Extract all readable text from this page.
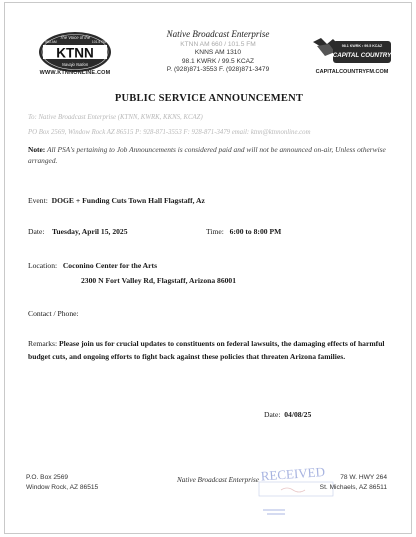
The Voice of the
KTNN
660 AM	101.5 FM
Navajo Nation
WWW.KTNNONLINE.COM
Native Broadcast Enterprise
KTNN AM 660 / 101.5 FM
KNNS AM 1310
98.1 KWRK / 99.5 KCAZ
P. (928)871-3553 F. (928)871-3479
98.1 KWRK • 99.5 KCAZ
CAPITAL COUNTRY
CAPITALCOUNTRYFM.COM
PUBLIC SERVICE ANNOUNCEMENT
To: Native Broadcast Enterprise (KTNN, KWRK, KKNS, KCAZ)
PO Box 2569, Window Rock AZ 86515 P: 928-871-3553 F: 928-871-3479 email: ktnn@ktnnonline.com
Note: All PSA's pertaining to Job Announcements is considered paid and will not be announced on-air, Unless otherwise arranged.
Event: DOGE + Funding Cuts Town Hall Flagstaff, Az
Date: Tuesday, April 15, 2025	Time: 6:00 to 8:00 PM
Location: Coconino Center for the Arts
2300 N Fort Valley Rd, Flagstaff, Arizona 86001
Contact / Phone:
Remarks: Please join us for crucial updates to constituents on federal lawsuits, the damaging effects of harmful budget cuts, and ongoing efforts to fight back against these policies that threaten Arizona families.
Date: 04/08/25
P.O. Box 2569
Window Rock, AZ 86515
Native Broadcast Enterprise RECEIVED	78 W. HWY 264
St. Michaels, AZ 86511
